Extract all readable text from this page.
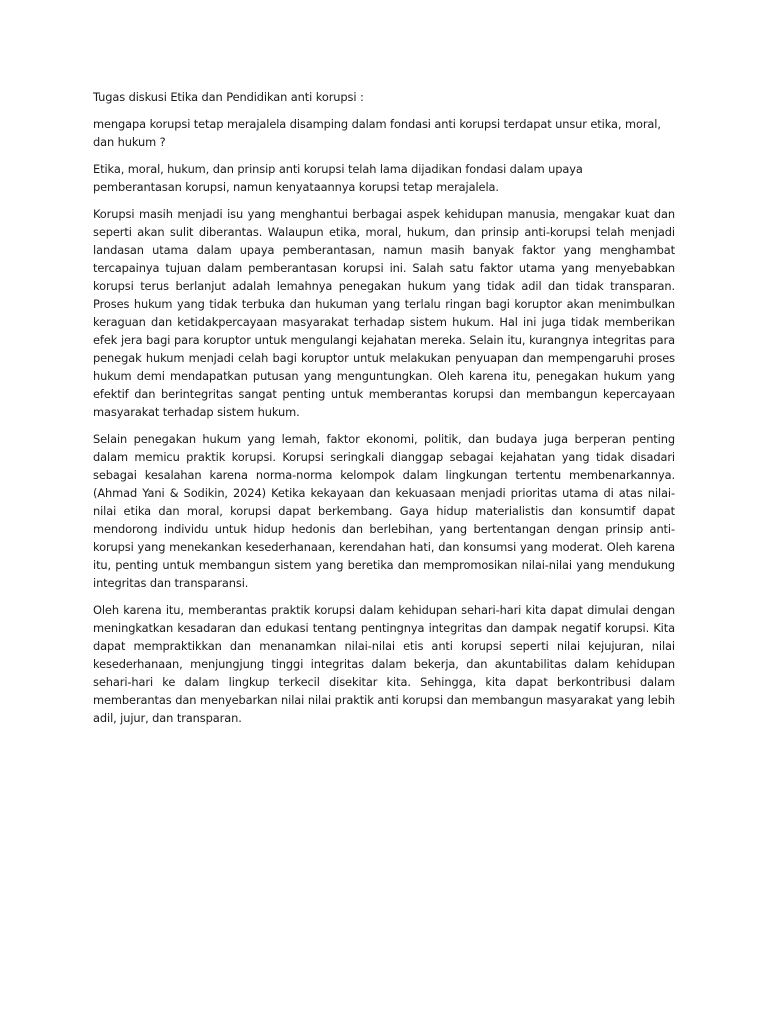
Tugas diskusi Etika dan Pendidikan anti korupsi :

mengapa korupsi tetap merajalela disamping dalam fondasi anti korupsi terdapat unsur etika, moral, dan hukum ?

Etika, moral, hukum, dan prinsip anti korupsi telah lama dijadikan fondasi dalam upaya pemberantasan korupsi, namun kenyataannya korupsi tetap merajalela.

Korupsi masih menjadi isu yang menghantui berbagai aspek kehidupan manusia, mengakar kuat dan seperti akan sulit diberantas. Walaupun etika, moral, hukum, dan prinsip anti-korupsi telah menjadi landasan utama dalam upaya pemberantasan, namun masih banyak faktor yang menghambat tercapainya tujuan dalam pemberantasan korupsi ini. Salah satu faktor utama yang menyebabkan korupsi terus berlanjut adalah lemahnya penegakan hukum yang tidak adil dan tidak transparan. Proses hukum yang tidak terbuka dan hukuman yang terlalu ringan bagi koruptor akan menimbulkan keraguan dan ketidakpercayaan masyarakat terhadap sistem hukum. Hal ini juga tidak memberikan efek jera bagi para koruptor untuk mengulangi kejahatan mereka. Selain itu, kurangnya integritas para penegak hukum menjadi celah bagi koruptor untuk melakukan penyuapan dan mempengaruhi proses hukum demi mendapatkan putusan yang menguntungkan. Oleh karena itu, penegakan hukum yang efektif dan berintegritas sangat penting untuk memberantas korupsi dan membangun kepercayaan masyarakat terhadap sistem hukum.

Selain penegakan hukum yang lemah, faktor ekonomi, politik, dan budaya juga berperan penting dalam memicu praktik korupsi. Korupsi seringkali dianggap sebagai kejahatan yang tidak disadari sebagai kesalahan karena norma-norma kelompok dalam lingkungan tertentu membenarkannya. (Ahmad Yani & Sodikin, 2024) Ketika kekayaan dan kekuasaan menjadi prioritas utama di atas nilai-nilai etika dan moral, korupsi dapat berkembang. Gaya hidup materialistis dan konsumtif dapat mendorong individu untuk hidup hedonis dan berlebihan, yang bertentangan dengan prinsip anti-korupsi yang menekankan kesederhanaan, kerendahan hati, dan konsumsi yang moderat. Oleh karena itu, penting untuk membangun sistem yang beretika dan mempromosikan nilai-nilai yang mendukung integritas dan transparansi.

Oleh karena itu, memberantas praktik korupsi dalam kehidupan sehari-hari kita dapat dimulai dengan meningkatkan kesadaran dan edukasi tentang pentingnya integritas dan dampak negatif korupsi. Kita dapat mempraktikkan dan menanamkan nilai-nilai etis anti korupsi seperti nilai kejujuran, nilai kesederhanaan, menjungjung tinggi integritas dalam bekerja, dan akuntabilitas dalam kehidupan sehari-hari ke dalam lingkup terkecil disekitar kita. Sehingga, kita dapat berkontribusi dalam memberantas dan menyebarkan nilai nilai praktik anti korupsi dan membangun masyarakat yang lebih adil, jujur, dan transparan.
